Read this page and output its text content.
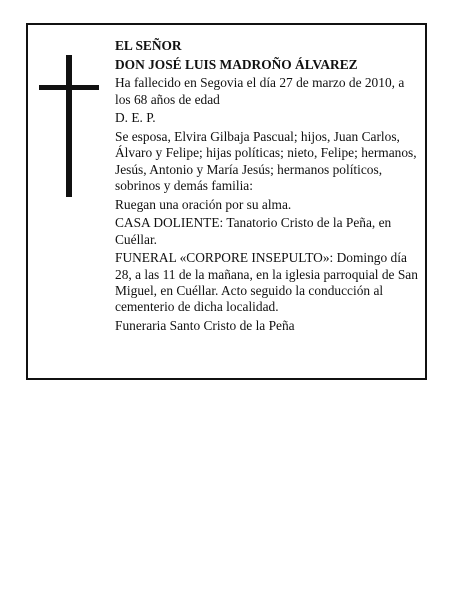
EL SEÑOR

DON JOSÉ LUIS MADROÑO ÁLVAREZ

Ha fallecido en Segovia el día 27 de marzo de 2010, a los 68 años de edad

D. E. P.

Se esposa, Elvira Gilbaja Pascual; hijos, Juan Carlos, Álvaro y Felipe; hijas políticas; nieto, Felipe; hermanos, Jesús, Antonio y María Jesús; hermanos políticos, sobrinos y demás familia:

Ruegan una oración por su alma.

CASA DOLIENTE: Tanatorio Cristo de la Peña, en Cuéllar.

FUNERAL «CORPORE INSEPULTO»: Domingo día 28, a las 11 de la mañana, en la iglesia parroquial de San Miguel, en Cuéllar. Acto seguido la conducción al cementerio de dicha localidad.

Funeraria Santo Cristo de la Peña
